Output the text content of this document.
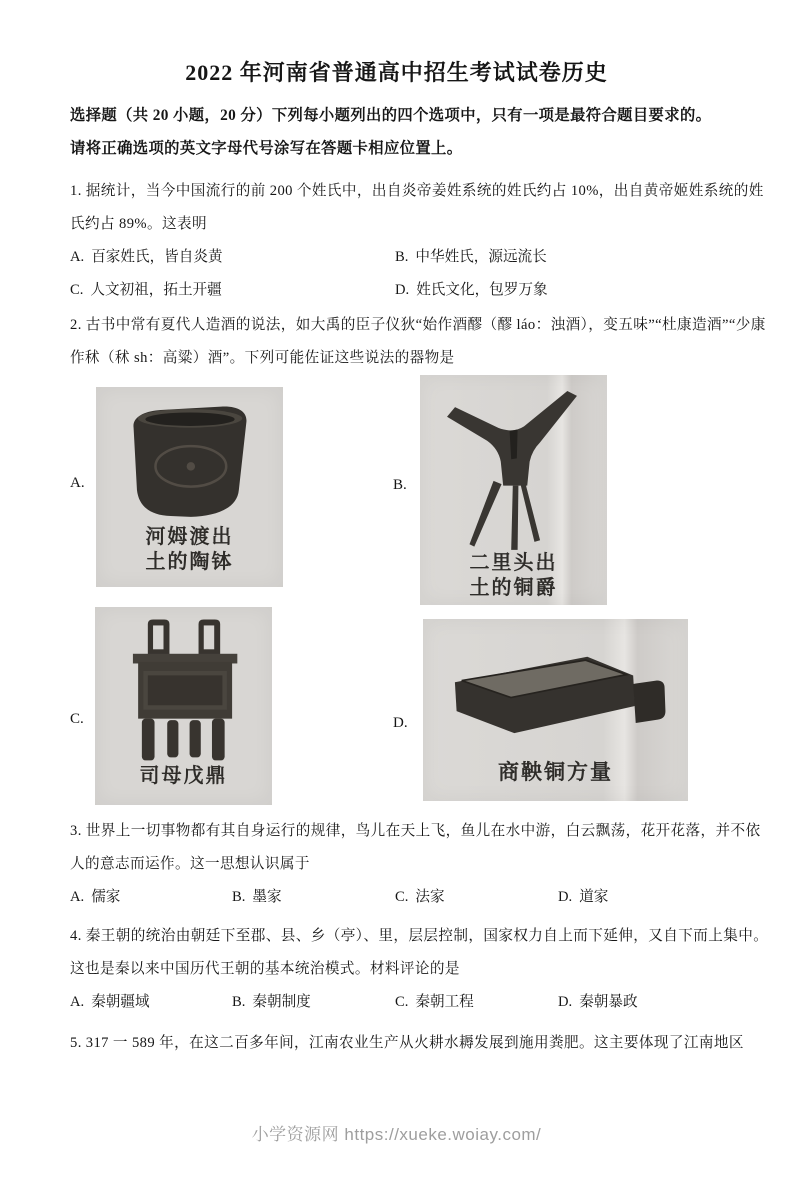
2022 年河南省普通高中招生考试试卷历史
选择题（共 20 小题，20 分）下列每小题列出的四个选项中，只有一项是最符合题目要求的。
请将正确选项的英文字母代号涂写在答题卡相应位置上。
1. 据统计，当今中国流行的前 200 个姓氏中，出自炎帝姜姓系统的姓氏约占 10%，出自黄帝姬姓系统的姓
氏约占 89%。这表明
A. 百家姓氏，皆自炎黄	B. 中华姓氏，源远流长
C. 人文初祖，拓土开疆	D. 姓氏文化，包罗万象
2. 古书中常有夏代人造酒的说法，如大禹的臣子仪狄“始作酒醪（醪 láo：浊酒），变五味”“杜康造酒”“少康
作秫（秫 sh：高粱）酒”。下列可能佐证这些说法的器物是
A.
河姆渡出
土的陶钵
B.
二里头出
土的铜爵
C.
司母戊鼎
D.
商鞅铜方量
3. 世界上一切事物都有其自身运行的规律，鸟儿在天上飞，鱼儿在水中游，白云飘荡，花开花落，并不依
人的意志而运作。这一思想认识属于
A. 儒家	B. 墨家	C. 法家	D. 道家
4. 秦王朝的统治由朝廷下至郡、县、乡（亭）、里，层层控制，国家权力自上而下延伸，又自下而上集中。
这也是秦以来中国历代王朝的基本统治模式。材料评论的是
A. 秦朝疆域	B. 秦朝制度	C. 秦朝工程	D. 秦朝暴政
5. 317 一 589 年，在这二百多年间，江南农业生产从火耕水耨发展到施用粪肥。这主要体现了江南地区
小学资源网 https://xueke.woiay.com/
